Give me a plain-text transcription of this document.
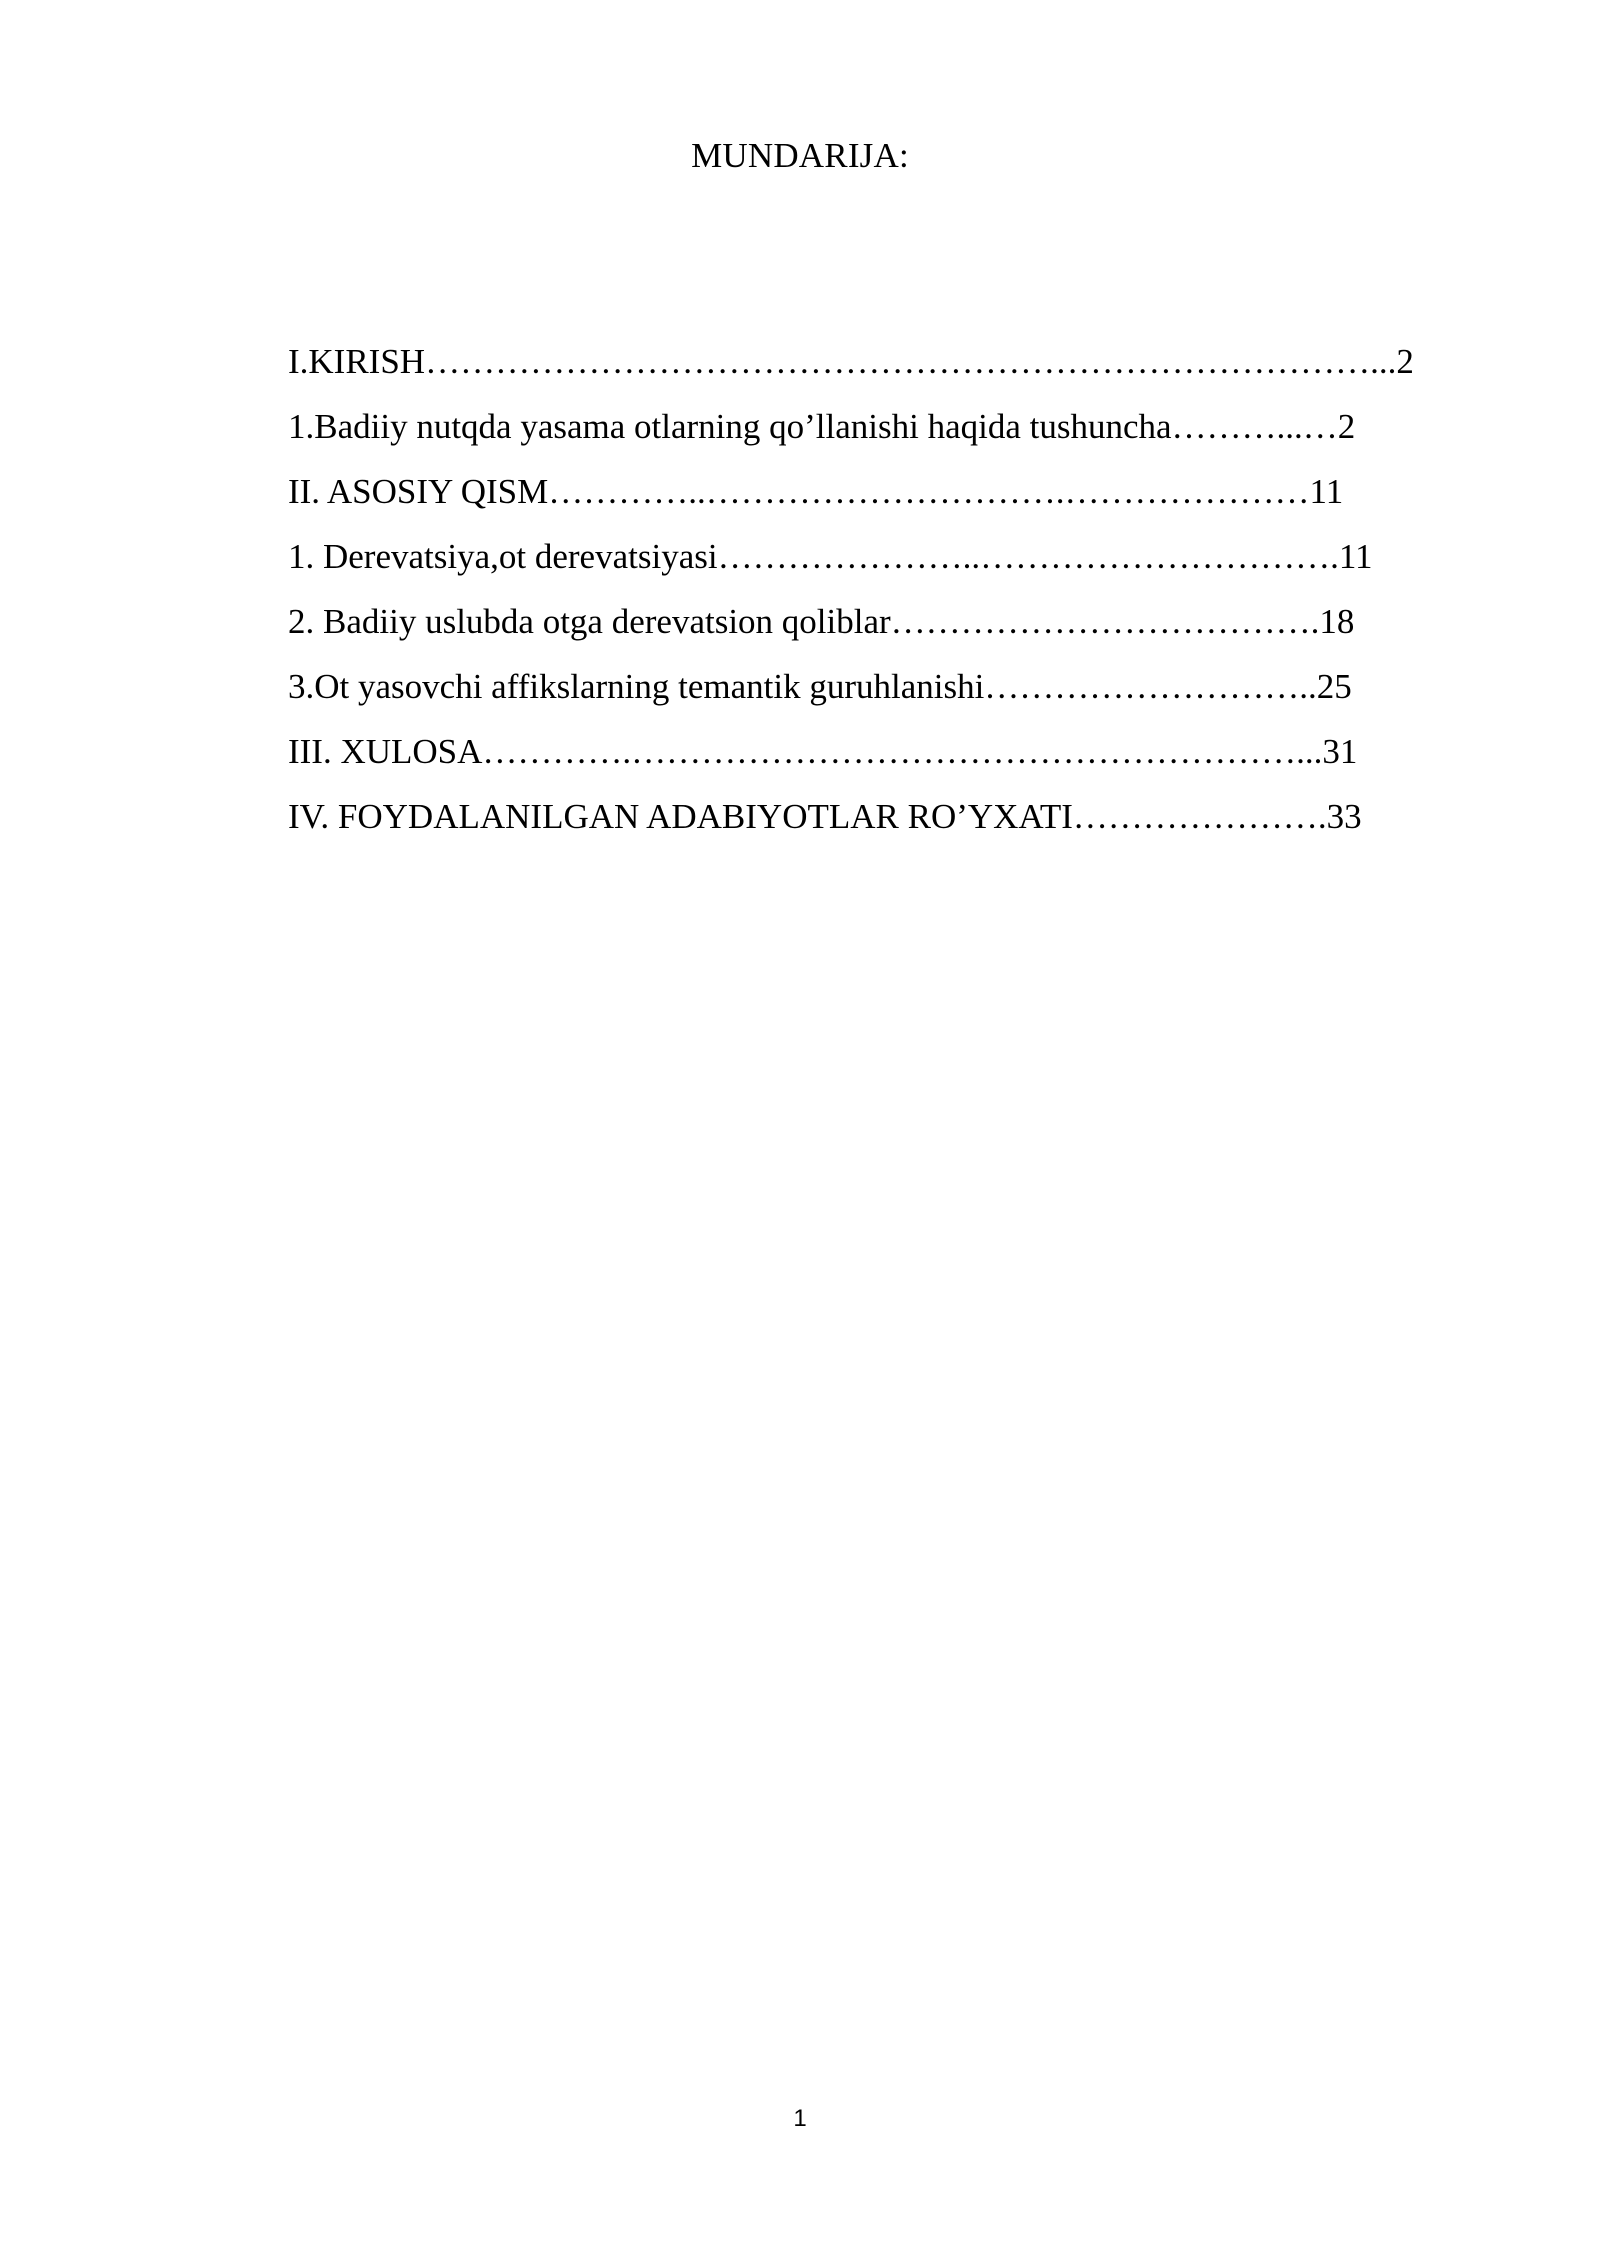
MUNDARIJA:
I.KIRISH………………………………………………………………………...2
1.Badiiy nutqda yasama otlarning qo’llanishi haqida tushuncha………...…2
II. ASOSIY QISM…………..………………………….…………………11
1. Derevatsiya,ot derevatsiyasi…………………..………………………….11
2. Badiiy uslubda otga derevatsion qoliblar……………………………….18
3.Ot yasovchi affikslarning temantik guruhlanishi………………………..25
III. XULOSA………….…………………………………………………...31
IV. FOYDALANILGAN ADABIYOTLAR RO’YXATI………………….33
1
